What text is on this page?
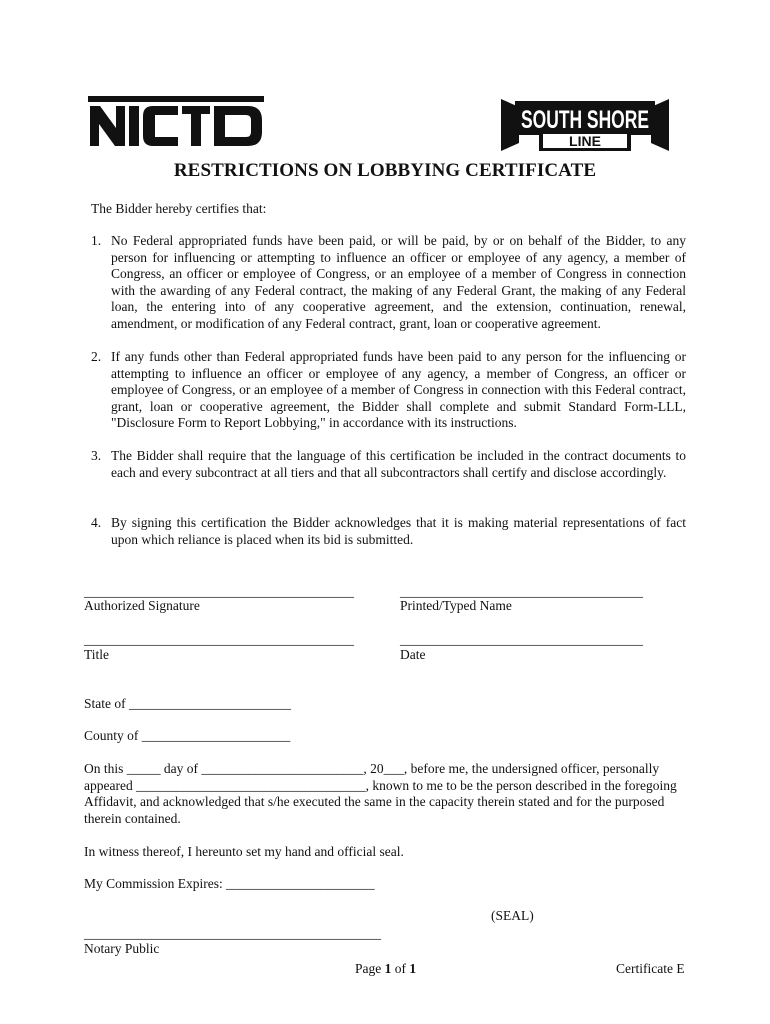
SOUTH SHORE
LINE
RESTRICTIONS ON LOBBYING CERTIFICATE
The Bidder hereby certifies that:
1. No Federal appropriated funds have been paid, or will be paid, by or on behalf of the Bidder, to any person for influencing or attempting to influence an officer or employee of any agency, a member of Congress, an officer or employee of Congress, or an employee of a member of Congress in connection with the awarding of any Federal contract, the making of any Federal Grant, the making of any Federal loan, the entering into of any cooperative agreement, and the extension, continuation, renewal, amendment, or modification of any Federal contract, grant, loan or cooperative agreement.
2. If any funds other than Federal appropriated funds have been paid to any person for the influencing or attempting to influence an officer or employee of any agency, a member of Congress, an officer or employee of Congress, or an employee of a member of Congress in connection with this Federal contract, grant, loan or cooperative agreement, the Bidder shall complete and submit Standard Form-LLL, "Disclosure Form to Report Lobbying," in accordance with its instructions.
3. The Bidder shall require that the language of this certification be included in the contract documents to each and every subcontract at all tiers and that all subcontractors shall certify and disclose accordingly.
4. By signing this certification the Bidder acknowledges that it is making material representations of fact upon which reliance is placed when its bid is submitted.
________________________________________	____________________________________
Authorized Signature	Printed/Typed Name
________________________________________	____________________________________
Title	Date
State of ________________________
County of ______________________
On this _____ day of ________________________, 20___, before me, the undersigned officer, personally appeared __________________________________, known to me to be the person described in the foregoing Affidavit, and acknowledged that s/he executed the same in the capacity therein stated and for the purposed therein contained.
In witness thereof, I hereunto set my hand and official seal.
My Commission Expires: ______________________
(SEAL)
____________________________________________
Notary Public
Page 1 of 1	Certificate E
